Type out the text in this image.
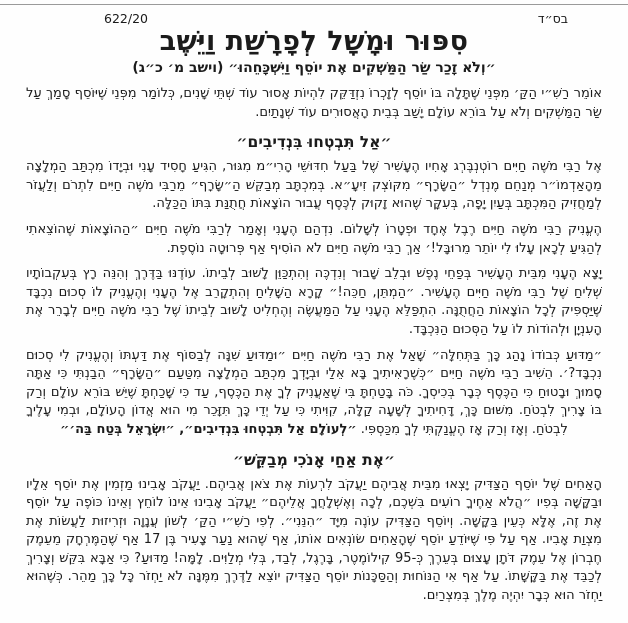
בס״ד
622/20
סִפּוּר וּמָשָׁל לְפָרָשַׁת וַיֵּשֶׁב
״וְלֹא זָכַר שַׂר הַמַּשְׁקִים אֶת יוֹסֵף וַיִּשְׁכָּחֵהוּ״ (וישב מ׳ כ״ג)

אוֹמֵר רַשִׁ״י הַקַּ׳ מִפְּנֵי שֶׁתָּלָה בּוֹ יוֹסֵף לְזָכְרוֹ נִזְדַּקֵּק לִהְיוֹת אָסוּר עוֹד שְׁתֵּי שָׁנִים, כְּלוֹמַר מִפְּנֵי שֶׁיּוֹסֵף סָמַךְ עַל שַׂר הַמַּשְׁקִים וְלֹא עַל בּוֹרֵא עוֹלָם יָשַׁב בְּבֵית הָאֲסוּרִים עוֹד שְׁנָתַיִם.

״אַל תִּבְטְחוּ בִּנְדִיבִים״

אֶל רַבִּי מֹשֶׁה חַיִּים רוֹטְנְבֶּרְג אָחִיו הֶעָשִׁיר שֶׁל בַּעַל חִדּוּשֵׁי הָרִי״מ מִגּוּר, הִגִּיעַ חָסִיד עָנִי וּבְיָדוֹ מִכְתַּב הַמְלָצָה מֵהָאַדְמוֹ״ר מְנַחֵם מֶנְדְל ״הַשָּׂרָף״ מִקּוֹצְק זִיעָ״א. בְּמִכְתָּב מְבַקֵּשׁ הַ״שָּׂרָף״ מֵרַבִּי מֹשֶׁה חַיִּים לִתְרֹם וְלַעֲזֹר לְמַחֲזִיק הַמִּכְתָּב בְּעַיִן יָפָה, בְּעִקָּר שֶׁהוּא זָקוּק לְכֶּסֶף עֲבוּר הוֹצָאוֹת חֲתֻנַּת בִּתּוֹ הַכַּלָּה.

הֶעֱנִיק רַבִּי מֹשֶׁה חַיִּים רֶבֶל אֶחָד וּפְטָרוֹ לְשָׁלוֹם. נִדְהַם הֶעָנִי וְאָמַר לְרַבִּי מֹשֶׁה חַיִּים ״הַהוֹצָאוֹת שֶׁהוֹצֵאתִי לְהַגִּיעַ לְכָאן עָלוּ לִי יוֹתֵר מֵרוּבָּל!׳ אַךְ רַבִּי מֹשֶׁה חַיִּים לֹא הוֹסִיף אַף פְּרוּטָה נוֹסֶפֶת.

יָצָא הֶעָנִי מִבֵּית הֶעָשִׁיר בְּפַחֵי נֶפֶשׁ וּבְלֵב שָׁבוּר וְנִדְכֶּה וְהִתְכַּוֵּן לָשׁוּב לְבֵיתוֹ. עוֹדֶנּוּ בַּדֶּרֶךְ וְהִנֵּה רָץ בְּעִקְבוֹתָיו שְׁלִיחַ שֶׁל רַבִּי מֹשֶׁה חַיִּים הֶעָשִׁיר. ״הַמְתֵּן, חַכֵּה!״ קָרָא הַשָּׁלִיחַ וְהִתְקָרֵב אֶל הֶעָנִי וְהֶעֱנִיק לוֹ סְכוּם נִכְבָּד שֶׁיַּסְפִּיק לְכָל הוֹצָאוֹת הַחֲתֻנָּה. הִתְפַּלֵּא הֶעָנִי עַל הַמַּעֲשֶׂה וְהֶחְלִיט לָשׁוּב לְבֵיתוֹ שֶׁל רַבִּי מֹשֶׁה חַיִּים לְבָרֵר אֶת הָעִנְיָן וּלְהוֹדוֹת לוֹ עַל הַסְּכוּם הַנִּכְבָּד.

״מַדּוּעַ כְּבוֹדוֹ נָהַג כָּךְ בַּתְּחִלָּה״ שָׁאַל אֶת רַבִּי מֹשֶׁה חַיִּים ״וּמַדּוּעַ שִׁנָּה לְבַסּוֹף אֶת דַּעְתּוֹ וְהֶעֱנִיק לִי סְכוּם נִכְבָּד?׳. הֵשִׁיב רַבִּי מֹשֶׁה חַיִּים ״כְּשֶׁרָאִיתִיךָ בָּא אֵלַי וּבְיָדְךָ מִכְתַּב הַמְלָצָה מִטַּעַם ״הַשָּׂרָף״ הֵבַנְתִּי כִּי אַתָּה סָמוּךְ וּבָטוּחַ כִּי הַכֶּסֶף כְּבָר בְּכִיסְךָ. כֹּה בָּטַחְתָּ בִּי שֶׁאַעֲנִיק לְךָ אֶת הַכֶּסֶף, עַד כִּי שָׁכַחְתָּ שֶׁיֵּשׁ בּוֹרֵא עוֹלָם וְרַק בּוֹ צָרִיךְ לִבְטֹחַ. מִשּׁוּם כָּךְ, דָּחִיתִיךָ לְשָׁעָה קַלָּה, קִוִּיתִי כִּי עַל יְדֵי כָּךְ תִּזָּכֵר מִי הוּא אֲדוֹן הָעוֹלָם, וּבְמִי עָלֶיךָ לִבְטֹחַ. וְאָז וְרַק אָז הֶעֱנַקְתִּי לְךָ מִכַּסְפִּי. ״לְעוֹלָם אַל תִּבְטְחוּ בִּנְדִיבִים״, ״יִשְׂרָאֵל בְּטַח בַּה׳״

״אֶת אַחַי אָנֹכִי מְבַקֵּשׁ״

הָאַחִים שֶׁל יוֹסֵף הַצַּדִּיק יָצְאוּ מִבֵּית אֲבִיהֶם יַעֲקֹב לִרְעוֹת אֶת צֹאן אֲבִיהֶם. יַעֲקֹב אָבִינוּ מַזְמִין אֶת יוֹסֵף אֵלָיו וּבַקָּשָׁה בְּפִיו ״הֲלֹא אַחֶיךָ רוֹעִים בִּשְׁכֶם, לְכָה וְאֶשְׁלָחֲךָ אֲלֵיהֶם״ יַעֲקֹב אָבִינוּ אֵינוֹ לוֹחֵץ וְאֵינוֹ כּוֹפֶה עַל יוֹסֵף אֶת זֶה, אֶלָּא כְּעֵין בַּקָּשָׁה. וְיוֹסֵף הַצַּדִּיק עוֹנֶה מִיָּד ״הִנֵּנִי״. לְפִי רַשִׁ״י הַקַּ׳ לְשׁוֹן עֲנָוָה וּזְרִיזוּת לַעֲשׂוֹת אֶת מִצְוַת אָבִיו. אַף עַל פִּי שֶׁיּוֹדֵעַ יוֹסֵף שֶׁהָאַחִים שׂוֹנְאִים אוֹתוֹ, אַף שֶׁהוּא נַעַר צָעִיר בֶּן 17 אַף שֶׁהַמֶּרְחָק מֵעֵמֶק חֶבְרוֹן אֶל עֵמֶק דֹּתָן עָצוּם בְּעֵרֶךְ כְּ-95 קִילוֹמֶטֶר, בָּרֶגֶל, לְבַד, בְּלִי מְלַוִּים. לָמָּה! מַדּוּעַ? כִּי אַבָּא בִּקֵּשׁ וְצָרִיךְ לְכַבֵּד אֶת בַּקָּשָׁתוֹ. עַל אַף אִי הַנּוֹחוּת וְהַסַּכָּנוֹת יוֹסֵף הַצַּדִּיק יוֹצֵא לַדֶּרֶךְ מִמֶּנָּה לֹא יַחְזֹר כָּל כָּךְ מַהֵר. כְּשֶׁהוּא יַחְזֹר הוּא כְּבָר יִהְיֶה מֶלֶךְ בְּמִצְרַיִם.
